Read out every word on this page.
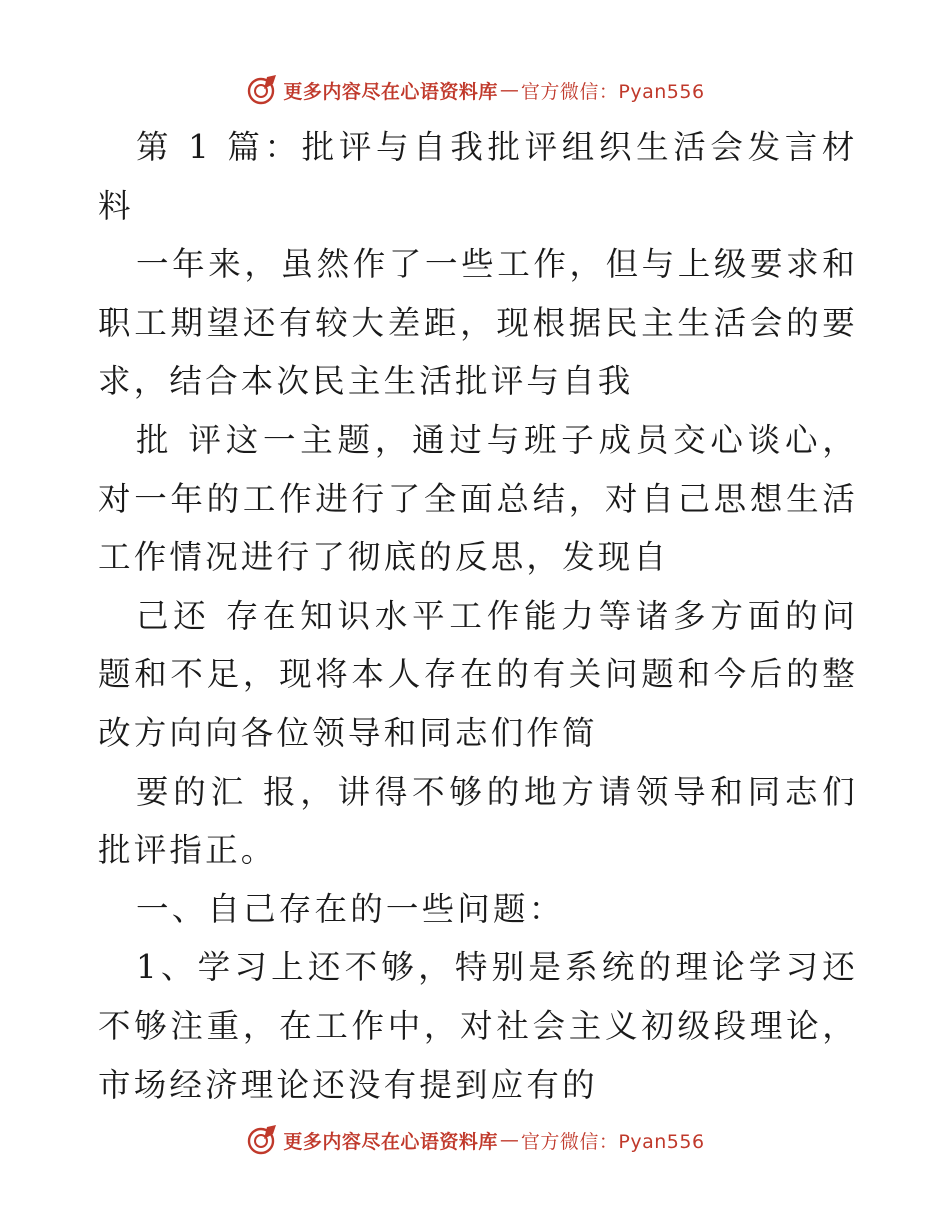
更多内容尽在心语资料库 — 官方微信：Pyan556

第 1 篇：批评与自我批评组织生活会发言材料

一年来，虽然作了一些工作，但与上级要求和职工期望还有较大差距，现根据民主生活会的要求，结合本次民主生活批评与自我

批 评这一主题，通过与班子成员交心谈心，对一年的工作进行了全面总结，对自己思想生活工作情况进行了彻底的反思，发现自

己还 存在知识水平工作能力等诸多方面的问题和不足，现将本人存在的有关问题和今后的整改方向向各位领导和同志们作简

要的汇 报，讲得不够的地方请领导和同志们批评指正。

一、自己存在的一些问题：

1、学习上还不够，特别是系统的理论学习还不够注重，在工作中，对社会主义初级段理论，市场经济理论还没有提到应有的

更多内容尽在心语资料库 — 官方微信：Pyan556
